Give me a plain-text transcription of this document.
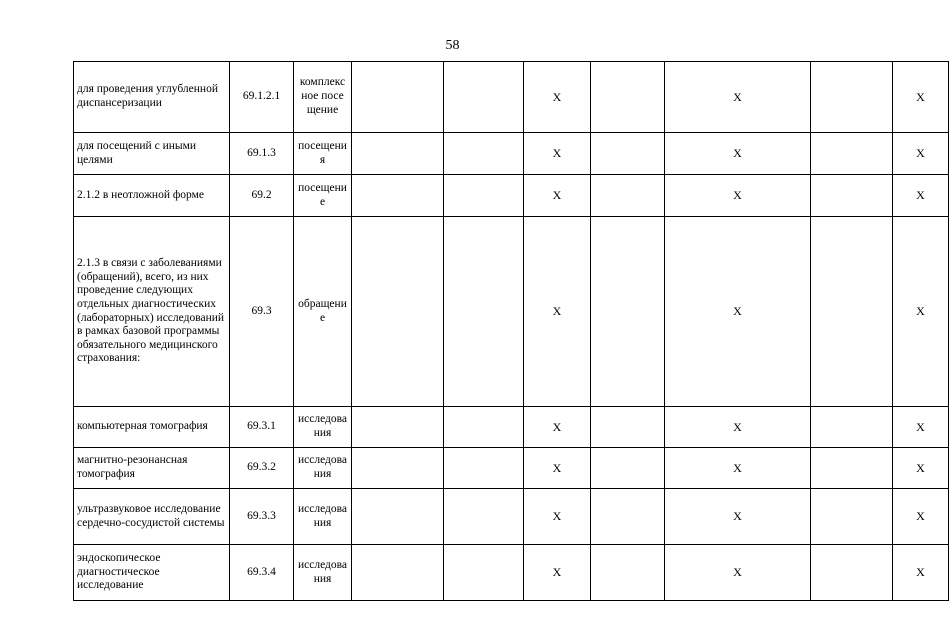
58
для проведения углубленной диспансеризации	69.1.2.1	комплексное посещение			X		X		X
для посещений с иными целями	69.1.3	посещения			X		X		X
2.1.2 в неотложной форме	69.2	посещение			X		X		X
2.1.3 в связи с заболеваниями (обращений), всего, из них проведение следующих отдельных диагностических (лабораторных) исследований в рамках базовой программы обязательного медицинского страхования:	69.3	обращение			X		X		X
компьютерная томография	69.3.1	исследования			X		X		X
магнитно-резонансная томография	69.3.2	исследования			X		X		X
ультразвуковое исследование сердечно-сосудистой системы	69.3.3	исследования			X		X		X
эндоскопическое диагностическое исследование	69.3.4	исследования			X		X		X
